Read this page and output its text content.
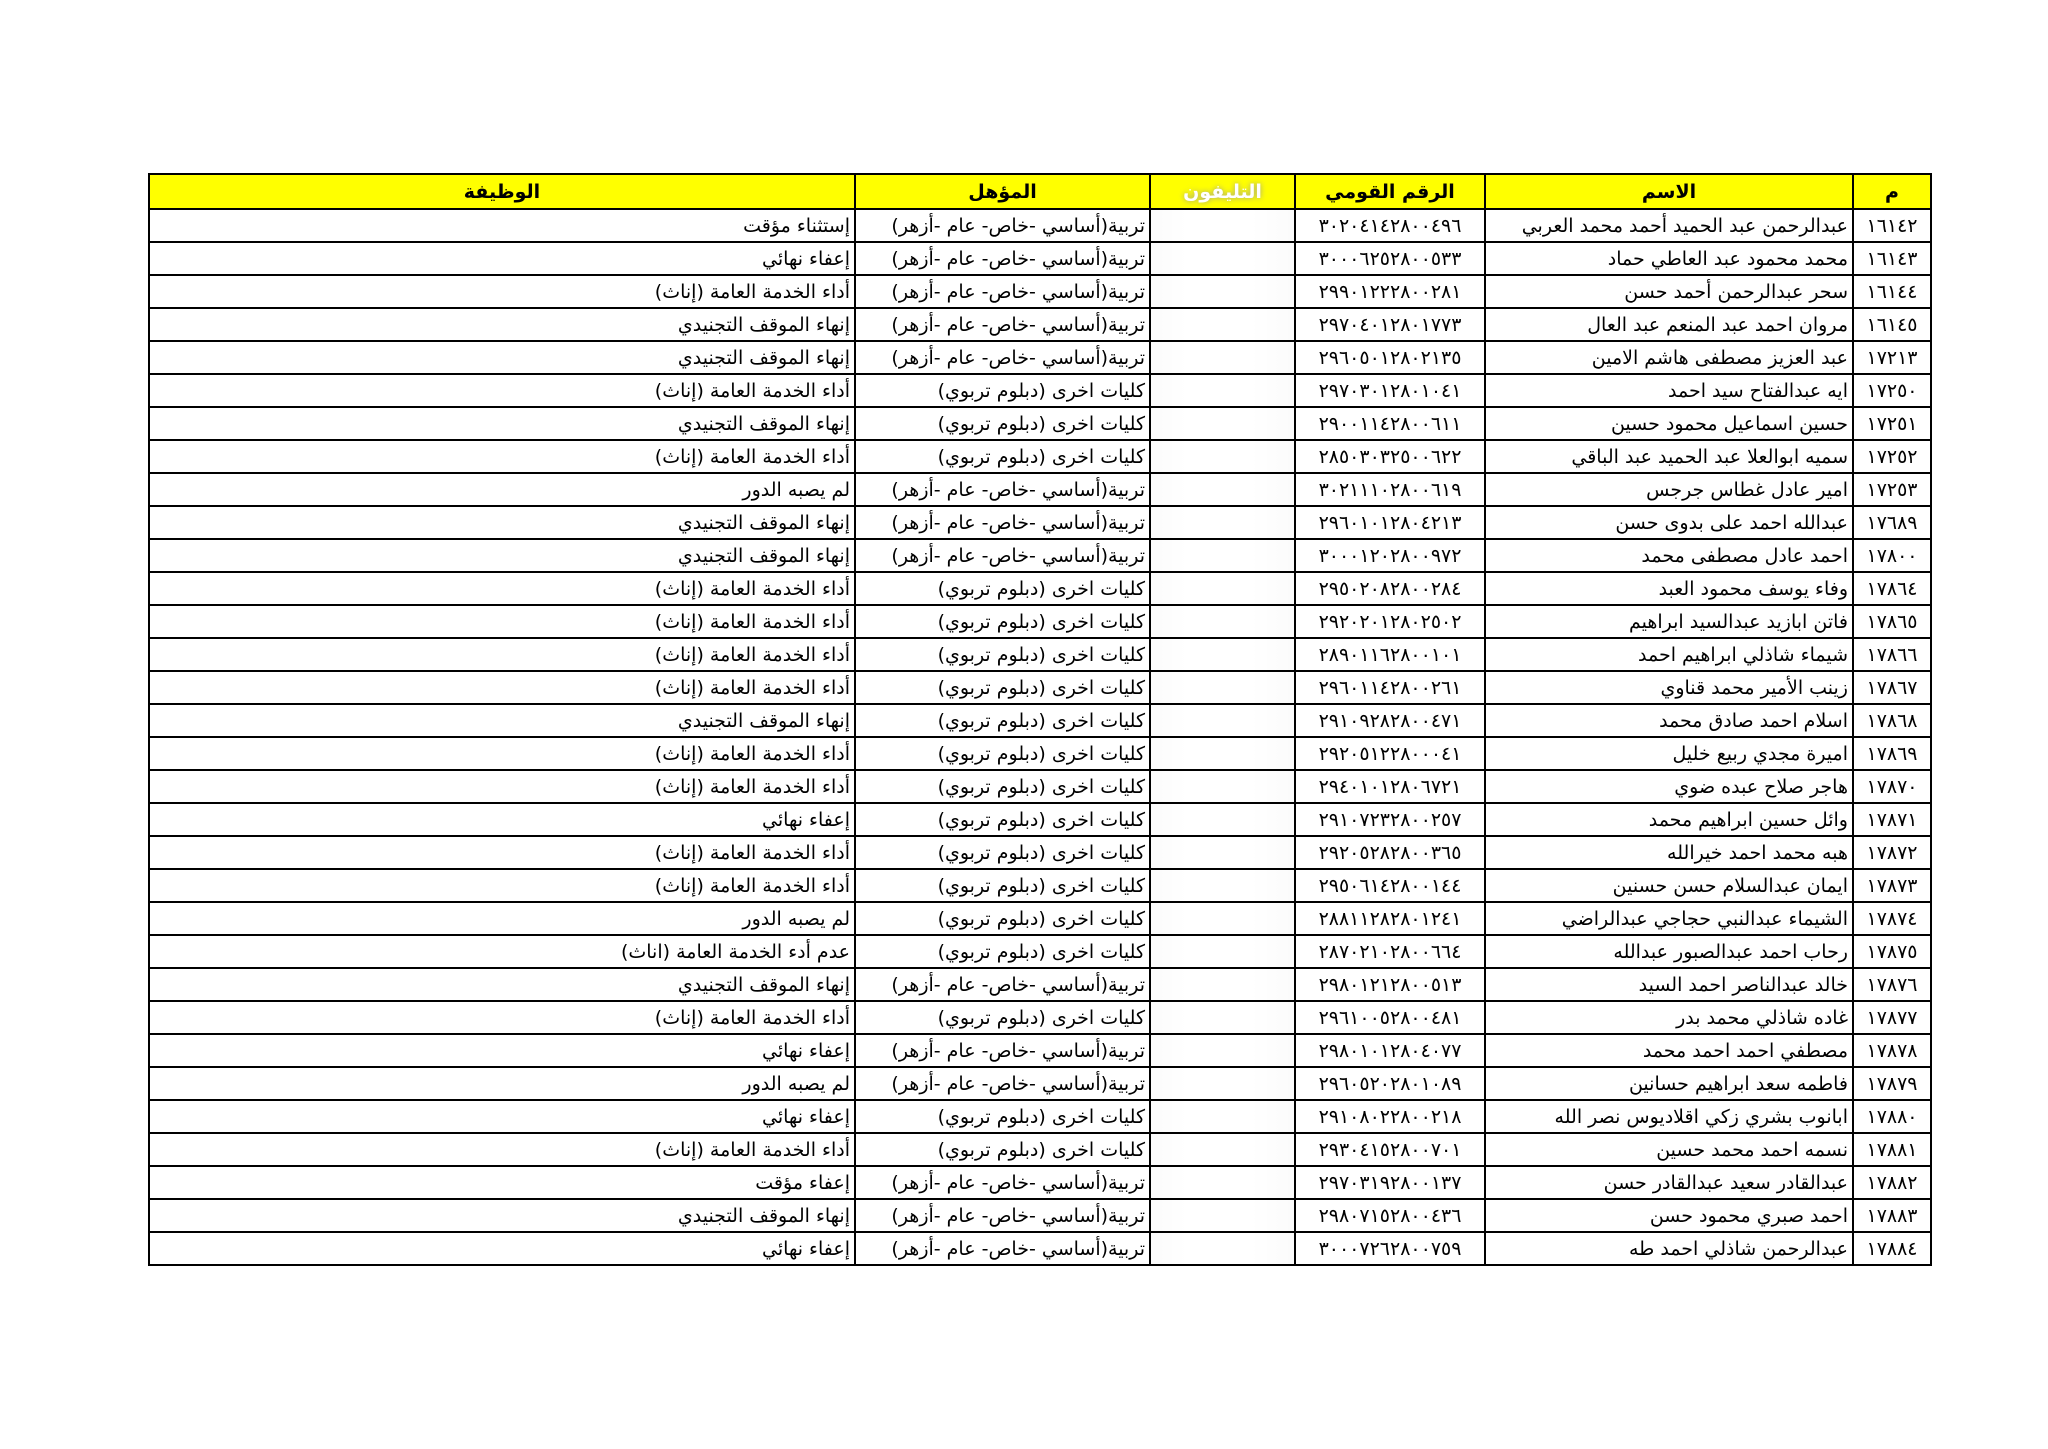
م	الاسم	الرقم القومي	التليفون	المؤهل	الوظيفة
١٦١٤٢	عبدالرحمن عبد الحميد أحمد محمد العربي	٣٠٢٠٤١٤٢٨٠٠٤٩٦		تربية(أساسي -خاص- عام -أزهر)	إستثناء مؤقت
١٦١٤٣	محمد محمود عبد العاطي حماد	٣٠٠٠٦٢٥٢٨٠٠٥٣٣		تربية(أساسي -خاص- عام -أزهر)	إعفاء نهائي
١٦١٤٤	سحر عبدالرحمن أحمد حسن	٢٩٩٠١٢٢٢٨٠٠٢٨١		تربية(أساسي -خاص- عام -أزهر)	أداء الخدمة العامة (إناث)
١٦١٤٥	مروان احمد عبد المنعم عبد العال	٢٩٧٠٤٠١٢٨٠١٧٧٣		تربية(أساسي -خاص- عام -أزهر)	إنهاء الموقف التجنيدي
١٧٢١٣	عبد العزيز مصطفى هاشم الامين	٢٩٦٠٥٠١٢٨٠٢١٣٥		تربية(أساسي -خاص- عام -أزهر)	إنهاء الموقف التجنيدي
١٧٢٥٠	ايه عبدالفتاح سيد احمد	٢٩٧٠٣٠١٢٨٠١٠٤١		كليات اخرى (دبلوم تربوي)	أداء الخدمة العامة (إناث)
١٧٢٥١	حسين اسماعيل محمود حسين	٢٩٠٠١١٤٢٨٠٠٦١١		كليات اخرى (دبلوم تربوي)	إنهاء الموقف التجنيدي
١٧٢٥٢	سميه ابوالعلا عبد الحميد عبد الباقي	٢٨٥٠٣٠٣٢٥٠٠٦٢٢		كليات اخرى (دبلوم تربوي)	أداء الخدمة العامة (إناث)
١٧٢٥٣	امير عادل غطاس جرجس	٣٠٢١١١٠٢٨٠٠٦١٩		تربية(أساسي -خاص- عام -أزهر)	لم يصبه الدور
١٧٦٨٩	عبدالله احمد على بدوى حسن	٢٩٦٠١٠١٢٨٠٤٢١٣		تربية(أساسي -خاص- عام -أزهر)	إنهاء الموقف التجنيدي
١٧٨٠٠	احمد عادل مصطفى محمد	٣٠٠٠١٢٠٢٨٠٠٩٧٢		تربية(أساسي -خاص- عام -أزهر)	إنهاء الموقف التجنيدي
١٧٨٦٤	وفاء يوسف محمود العبد	٢٩٥٠٢٠٨٢٨٠٠٢٨٤		كليات اخرى (دبلوم تربوي)	أداء الخدمة العامة (إناث)
١٧٨٦٥	فاتن ابازيد عبدالسيد ابراهيم	٢٩٢٠٢٠١٢٨٠٢٥٠٢		كليات اخرى (دبلوم تربوي)	أداء الخدمة العامة (إناث)
١٧٨٦٦	شيماء شاذلي ابراهيم احمد	٢٨٩٠١١٦٢٨٠٠١٠١		كليات اخرى (دبلوم تربوي)	أداء الخدمة العامة (إناث)
١٧٨٦٧	زينب الأمير محمد قناوي	٢٩٦٠١١٤٢٨٠٠٢٦١		كليات اخرى (دبلوم تربوي)	أداء الخدمة العامة (إناث)
١٧٨٦٨	اسلام احمد صادق محمد	٢٩١٠٩٢٨٢٨٠٠٤٧١		كليات اخرى (دبلوم تربوي)	إنهاء الموقف التجنيدي
١٧٨٦٩	اميرة مجدي ربيع خليل	٢٩٢٠٥١٢٢٨٠٠٠٤١		كليات اخرى (دبلوم تربوي)	أداء الخدمة العامة (إناث)
١٧٨٧٠	هاجر صلاح عبده ضوي	٢٩٤٠١٠١٢٨٠٦٧٢١		كليات اخرى (دبلوم تربوي)	أداء الخدمة العامة (إناث)
١٧٨٧١	وائل حسين ابراهيم محمد	٢٩١٠٧٢٣٢٨٠٠٢٥٧		كليات اخرى (دبلوم تربوي)	إعفاء نهائي
١٧٨٧٢	هبه محمد احمد خيرالله	٢٩٢٠٥٢٨٢٨٠٠٣٦٥		كليات اخرى (دبلوم تربوي)	أداء الخدمة العامة (إناث)
١٧٨٧٣	ايمان عبدالسلام حسن حسنين	٢٩٥٠٦١٤٢٨٠٠١٤٤		كليات اخرى (دبلوم تربوي)	أداء الخدمة العامة (إناث)
١٧٨٧٤	الشيماء عبدالنبي حجاجي عبدالراضي	٢٨٨١١٢٨٢٨٠١٢٤١		كليات اخرى (دبلوم تربوي)	لم يصبه الدور
١٧٨٧٥	رحاب احمد عبدالصبور عبدالله	٢٨٧٠٢١٠٢٨٠٠٦٦٤		كليات اخرى (دبلوم تربوي)	عدم أدء الخدمة العامة (اناث)
١٧٨٧٦	خالد عبدالناصر احمد السيد	٢٩٨٠١٢١٢٨٠٠٥١٣		تربية(أساسي -خاص- عام -أزهر)	إنهاء الموقف التجنيدي
١٧٨٧٧	غاده شاذلي محمد بدر	٢٩٦١٠٠٥٢٨٠٠٤٨١		كليات اخرى (دبلوم تربوي)	أداء الخدمة العامة (إناث)
١٧٨٧٨	مصطفي احمد احمد محمد	٢٩٨٠١٠١٢٨٠٤٠٧٧		تربية(أساسي -خاص- عام -أزهر)	إعفاء نهائي
١٧٨٧٩	فاطمه سعد ابراهيم حسانين	٢٩٦٠٥٢٠٢٨٠١٠٨٩		تربية(أساسي -خاص- عام -أزهر)	لم يصبه الدور
١٧٨٨٠	ابانوب بشري زكي اقلاديوس نصر الله	٢٩١٠٨٠٢٢٨٠٠٢١٨		كليات اخرى (دبلوم تربوي)	إعفاء نهائي
١٧٨٨١	نسمه احمد محمد حسين	٢٩٣٠٤١٥٢٨٠٠٧٠١		كليات اخرى (دبلوم تربوي)	أداء الخدمة العامة (إناث)
١٧٨٨٢	عبدالقادر سعيد عبدالقادر حسن	٢٩٧٠٣١٩٢٨٠٠١٣٧		تربية(أساسي -خاص- عام -أزهر)	إعفاء مؤقت
١٧٨٨٣	احمد صبري محمود حسن	٢٩٨٠٧١٥٢٨٠٠٤٣٦		تربية(أساسي -خاص- عام -أزهر)	إنهاء الموقف التجنيدي
١٧٨٨٤	عبدالرحمن شاذلي احمد طه	٣٠٠٠٧٢٦٢٨٠٠٧٥٩		تربية(أساسي -خاص- عام -أزهر)	إعفاء نهائي
